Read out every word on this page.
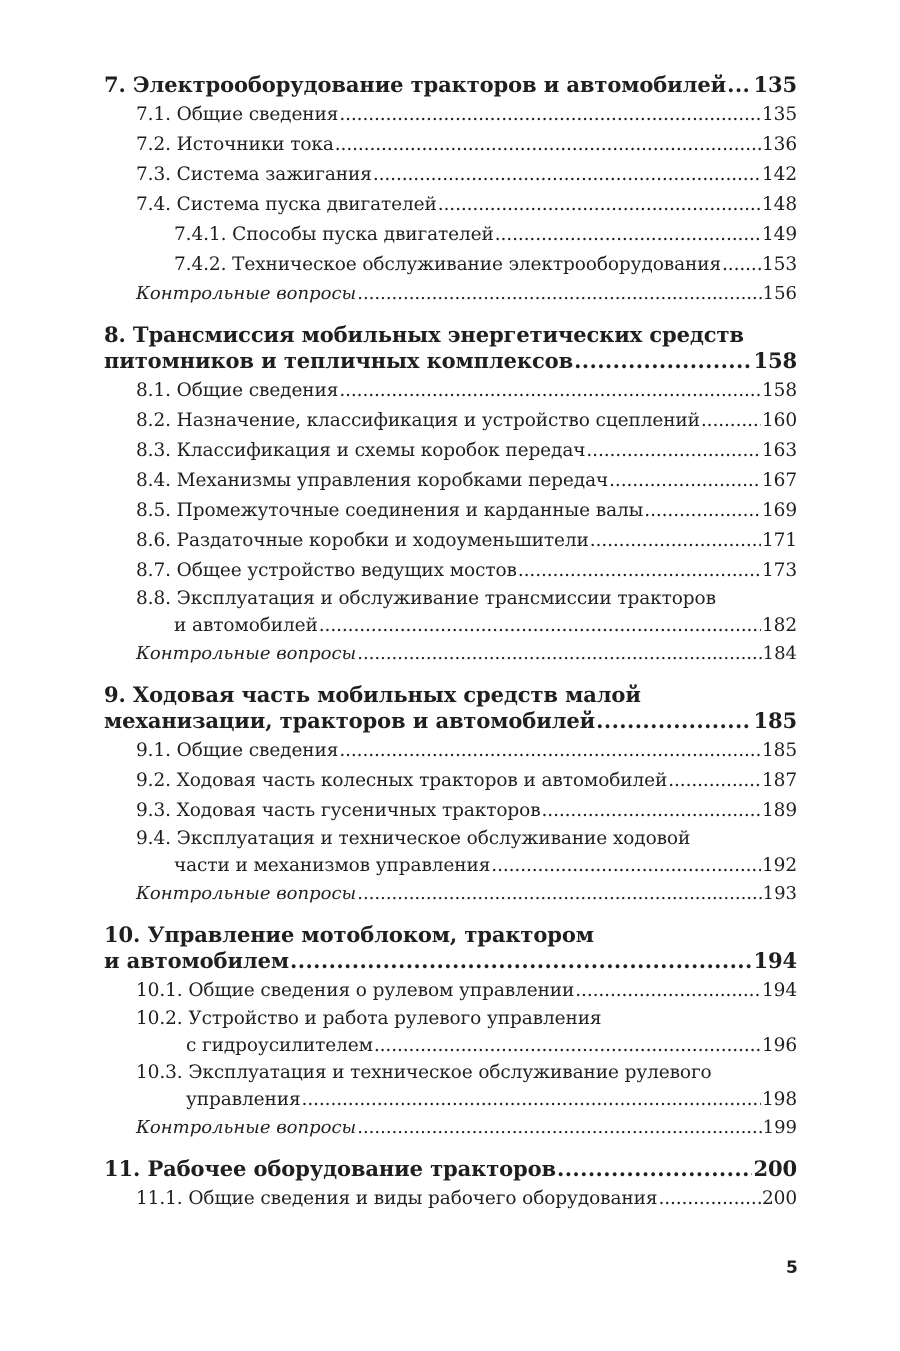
7. Электрооборудование тракторов и автомобилей ..... 135
7.1. Общие сведения .....	135
7.2. Источники тока .....	136
7.3. Система зажигания .....	142
7.4. Система пуска двигателей .....	148
7.4.1. Способы пуска двигателей .....	149
7.4.2. Техническое обслуживание электрооборудования ..... 153
Контрольные вопросы .....	156
8. Трансмиссия мобильных энергетических средств
питомников и тепличных комплексов .....	158
8.1. Общие сведения .....	158
8.2. Назначение, классификация и устройство сцеплений .....	160
8.3. Классификация и схемы коробок передач .....	163
8.4. Механизмы управления коробками передач .....	167
8.5. Промежуточные соединения и карданные валы .....	169
8.6. Раздаточные коробки и ходоуменьшители .....	171
8.7. Общее устройство ведущих мостов .....	173
8.8. Эксплуатация и обслуживание трансмиссии тракторов
и автомобилей .....	182
Контрольные вопросы .....	184
9. Ходовая часть мобильных средств малой
механизации, тракторов и автомобилей .....	185
9.1. Общие сведения .....	185
9.2. Ходовая часть колесных тракторов и автомобилей .....	187
9.3. Ходовая часть гусеничных тракторов .....	189
9.4. Эксплуатация и техническое обслуживание ходовой
части и механизмов управления .....	192
Контрольные вопросы .....	193
10. Управление мотоблоком, трактором
и автомобилем .....	194
10.1. Общие сведения о рулевом управлении .....	194
10.2. Устройство и работа рулевого управления
с гидроусилителем .....	196
10.3. Эксплуатация и техническое обслуживание рулевого
управления .....	198
Контрольные вопросы .....	199
11. Рабочее оборудование тракторов .....	200
11.1. Общие сведения и виды рабочего оборудования .....	200
5
